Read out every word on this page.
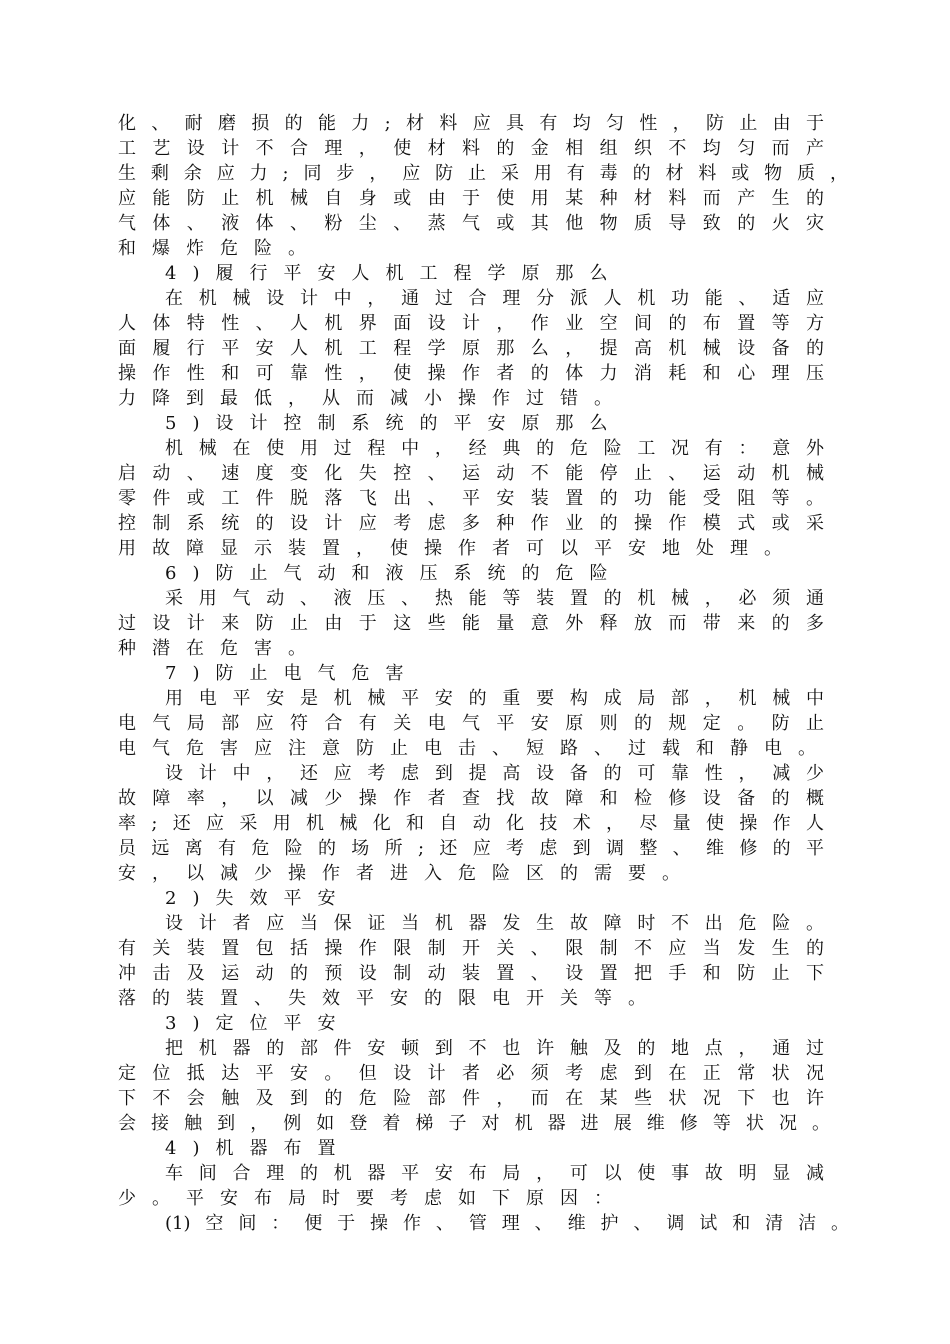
化、耐磨损的能力;材料应具有均匀性，防止由于
工艺设计不合理，使材料的金相组织不均匀而产
生剩余应力;同步，应防止采用有毒的材料或物质，
应能防止机械自身或由于使用某种材料而产生的
气体、液体、粉尘、蒸气或其他物质导致的火灾
和爆炸危险。
4)履行平安人机工程学原那么
在机械设计中，通过合理分派人机功能、适应
人体特性、人机界面设计，作业空间的布置等方
面履行平安人机工程学原那么，提高机械设备的
操作性和可靠性，使操作者的体力消耗和心理压
力降到最低，从而减小操作过错。
5)设计控制系统的平安原那么
机械在使用过程中，经典的危险工况有：意外
启动、速度变化失控、运动不能停止、运动机械
零件或工件脱落飞出、平安装置的功能受阻等。
控制系统的设计应考虑多种作业的操作模式或采
用故障显示装置，使操作者可以平安地处理。
6)防止气动和液压系统的危险
采用气动、液压、热能等装置的机械，必须通
过设计来防止由于这些能量意外释放而带来的多
种潜在危害。
7)防止电气危害
用电平安是机械平安的重要构成局部，机械中
电气局部应符合有关电气平安原则的规定。防止
电气危害应注意防止电击、短路、过载和静电。
设计中，还应考虑到提高设备的可靠性，减少
故障率，以减少操作者查找故障和检修设备的概
率;还应采用机械化和自动化技术，尽量使操作人
员远离有危险的场所;还应考虑到调整、维修的平
安，以减少操作者进入危险区的需要。
2)失效平安
设计者应当保证当机器发生故障时不出危险。
有关装置包括操作限制开关、限制不应当发生的
冲击及运动的预设制动装置、设置把手和防止下
落的装置、失效平安的限电开关等。
3)定位平安
把机器的部件安顿到不也许触及的地点，通过
定位抵达平安。但设计者必须考虑到在正常状况
下不会触及到的危险部件，而在某些状况下也许
会接触到，例如登着梯子对机器进展维修等状况。
4)机器布置
车间合理的机器平安布局，可以使事故明显减
少。平安布局时要考虑如下原因：
(1)空间：便于操作、管理、维护、调试和清洁。
